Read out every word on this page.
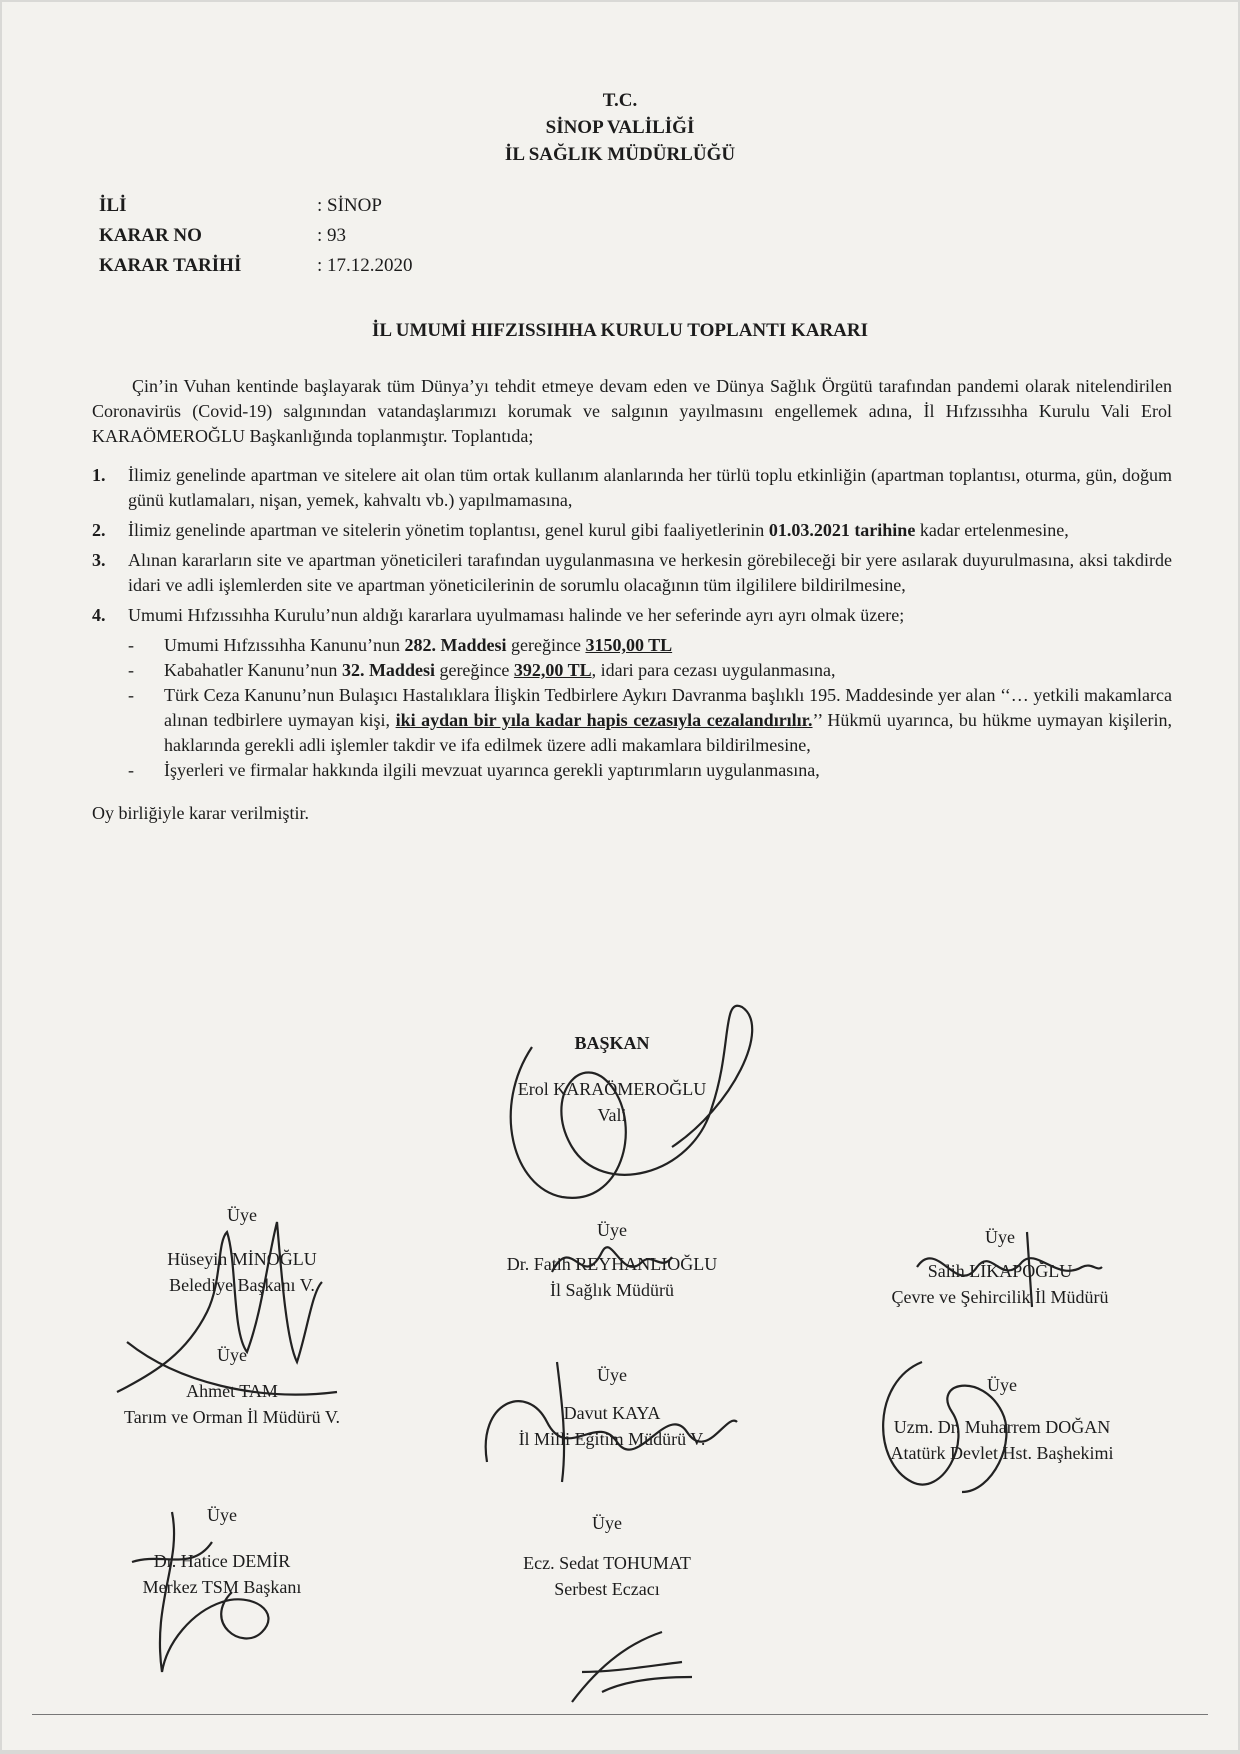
T.C.
SİNOP VALİLİĞİ
İL SAĞLIK MÜDÜRLÜĞÜ
İLİ	: SİNOP
KARAR NO	: 93
KARAR TARİHİ	: 17.12.2020
İL UMUMİ HIFZISSIHHA KURULU TOPLANTI KARARI

Çin’in Vuhan kentinde başlayarak tüm Dünya’yı tehdit etmeye devam eden ve Dünya Sağlık Örgütü tarafından pandemi olarak nitelendirilen Coronavirüs (Covid-19) salgınından vatandaşlarımızı korumak ve salgının yayılmasını engellemek adına, İl Hıfzıssıhha Kurulu Vali Erol KARAÖMEROĞLU Başkanlığında toplanmıştır. Toplantıda;

1.	İlimiz genelinde apartman ve sitelere ait olan tüm ortak kullanım alanlarında her türlü toplu etkinliğin (apartman toplantısı, oturma, gün, doğum günü kutlamaları, nişan, yemek, kahvaltı vb.) yapılmamasına,
2.	İlimiz genelinde apartman ve sitelerin yönetim toplantısı, genel kurul gibi faaliyetlerinin 01.03.2021 tarihine kadar ertelenmesine,
3.	Alınan kararların site ve apartman yöneticileri tarafından uygulanmasına ve herkesin görebileceği bir yere asılarak duyurulmasına, aksi takdirde idari ve adli işlemlerden site ve apartman yöneticilerinin de sorumlu olacağının tüm ilgililere bildirilmesine,
4.	Umumi Hıfzıssıhha Kurulu’nun aldığı kararlara uyulmaması halinde ve her seferinde ayrı ayrı olmak üzere;
-	Umumi Hıfzıssıhha Kanunu’nun 282. Maddesi gereğince 3150,00 TL
-	Kabahatler Kanunu’nun 32. Maddesi gereğince 392,00 TL, idari para cezası uygulanmasına,
-	Türk Ceza Kanunu’nun Bulaşıcı Hastalıklara İlişkin Tedbirlere Aykırı Davranma başlıklı 195. Maddesinde yer alan ‘‘… yetkili makamlarca alınan tedbirlere uymayan kişi, iki aydan bir yıla kadar hapis cezasıyla cezalandırılır.’’ Hükmü uyarınca, bu hükme uymayan kişilerin, haklarında gerekli adli işlemler takdir ve ifa edilmek üzere adli makamlara bildirilmesine,
-	İşyerleri ve firmalar hakkında ilgili mevzuat uyarınca gerekli yaptırımların uygulanmasına,
Oy birliğiyle karar verilmiştir.
BAŞKAN
Erol KARAÖMEROĞLU
Vali
Üye
Hüseyin MİNOĞLU
Belediye Başkanı V.
Üye
Dr. Fatih REYHANLIOĞLU
İl Sağlık Müdürü
Üye
Salih LİKAPOĞLU
Çevre ve Şehircilik İl Müdürü
Üye
Ahmet TAM
Tarım ve Orman İl Müdürü V.
Üye
Davut KAYA
İl Milli Eğitim Müdürü V.
Üye
Uzm. Dr. Muharrem DOĞAN
Atatürk Devlet Hst. Başhekimi
Üye
Dr. Hatice DEMİR
Merkez TSM Başkanı
Üye
Ecz. Sedat TOHUMAT
Serbest Eczacı
